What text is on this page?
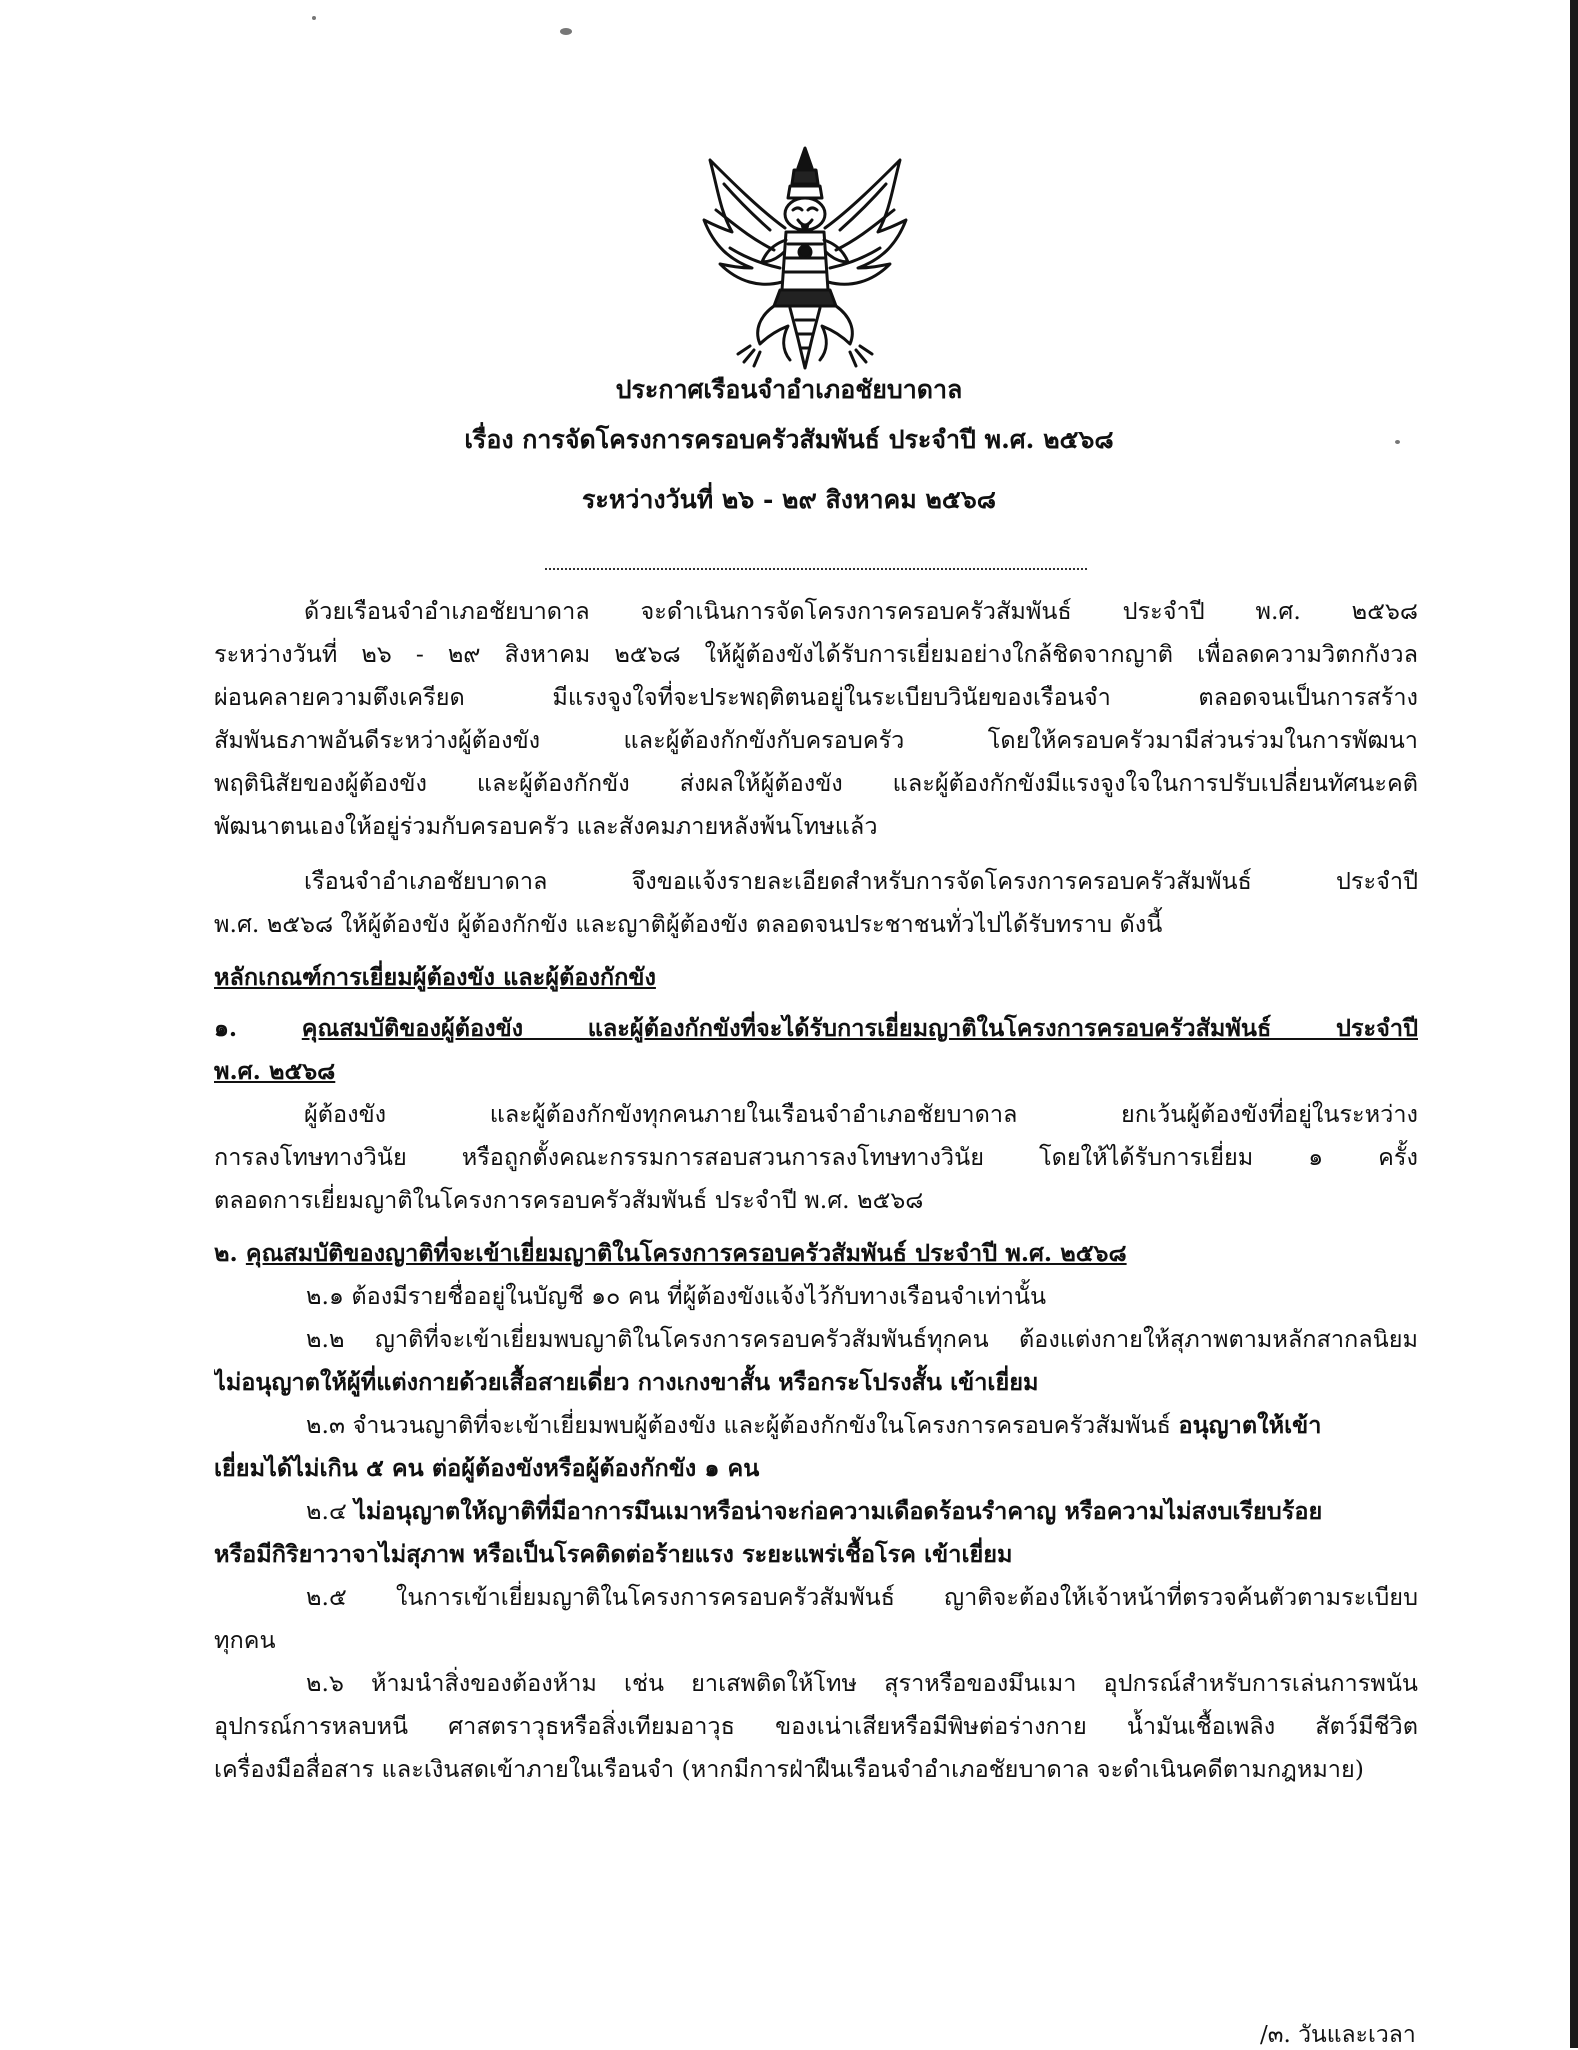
ประกาศเรือนจำอำเภอชัยบาดาล
เรื่อง การจัดโครงการครอบครัวสัมพันธ์ ประจำปี พ.ศ. ๒๕๖๘
ระหว่างวันที่ ๒๖ - ๒๙ สิงหาคม ๒๕๖๘
ด้วยเรือนจำอำเภอชัยบาดาล จะดำเนินการจัดโครงการครอบครัวสัมพันธ์ ประจำปี พ.ศ. ๒๕๖๘
ระหว่างวันที่ ๒๖ - ๒๙ สิงหาคม ๒๕๖๘ ให้ผู้ต้องขังได้รับการเยี่ยมอย่างใกล้ชิดจากญาติ เพื่อลดความวิตกกังวล
ผ่อนคลายความตึงเครียด มีแรงจูงใจที่จะประพฤติตนอยู่ในระเบียบวินัยของเรือนจำ ตลอดจนเป็นการสร้าง
สัมพันธภาพอันดีระหว่างผู้ต้องขัง และผู้ต้องกักขังกับครอบครัว โดยให้ครอบครัวมามีส่วนร่วมในการพัฒนา
พฤตินิสัยของผู้ต้องขัง และผู้ต้องกักขัง ส่งผลให้ผู้ต้องขัง และผู้ต้องกักขังมีแรงจูงใจในการปรับเปลี่ยนทัศนะคติ
พัฒนาตนเองให้อยู่ร่วมกับครอบครัว และสังคมภายหลังพ้นโทษแล้ว
เรือนจำอำเภอชัยบาดาล จึงขอแจ้งรายละเอียดสำหรับการจัดโครงการครอบครัวสัมพันธ์ ประจำปี
พ.ศ. ๒๕๖๘ ให้ผู้ต้องขัง ผู้ต้องกักขัง และญาติผู้ต้องขัง ตลอดจนประชาชนทั่วไปได้รับทราบ ดังนี้
หลักเกณฑ์การเยี่ยมผู้ต้องขัง และผู้ต้องกักขัง
๑.	คุณสมบัติของผู้ต้องขัง และผู้ต้องกักขังที่จะได้รับการเยี่ยมญาติในโครงการครอบครัวสัมพันธ์ ประจำปี
พ.ศ. ๒๕๖๘
ผู้ต้องขัง และผู้ต้องกักขังทุกคนภายในเรือนจำอำเภอชัยบาดาล ยกเว้นผู้ต้องขังที่อยู่ในระหว่าง
การลงโทษทางวินัย หรือถูกตั้งคณะกรรมการสอบสวนการลงโทษทางวินัย โดยให้ได้รับการเยี่ยม ๑ ครั้ง
ตลอดการเยี่ยมญาติในโครงการครอบครัวสัมพันธ์ ประจำปี พ.ศ. ๒๕๖๘
๒. คุณสมบัติของญาติที่จะเข้าเยี่ยมญาติในโครงการครอบครัวสัมพันธ์ ประจำปี พ.ศ. ๒๕๖๘
๒.๑ ต้องมีรายชื่ออยู่ในบัญชี ๑๐ คน ที่ผู้ต้องขังแจ้งไว้กับทางเรือนจำเท่านั้น
๒.๒ ญาติที่จะเข้าเยี่ยมพบญาติในโครงการครอบครัวสัมพันธ์ทุกคน ต้องแต่งกายให้สุภาพตามหลักสากลนิยม
ไม่อนุญาตให้ผู้ที่แต่งกายด้วยเสื้อสายเดี่ยว กางเกงขาสั้น หรือกระโปรงสั้น เข้าเยี่ยม
๒.๓ จำนวนญาติที่จะเข้าเยี่ยมพบผู้ต้องขัง และผู้ต้องกักขังในโครงการครอบครัวสัมพันธ์ อนุญาตให้เข้า
เยี่ยมได้ไม่เกิน ๕ คน ต่อผู้ต้องขังหรือผู้ต้องกักขัง ๑ คน
๒.๔ ไม่อนุญาตให้ญาติที่มีอาการมึนเมาหรือน่าจะก่อความเดือดร้อนรำคาญ หรือความไม่สงบเรียบร้อย
หรือมีกิริยาวาจาไม่สุภาพ หรือเป็นโรคติดต่อร้ายแรง ระยะแพร่เชื้อโรค เข้าเยี่ยม
๒.๕ ในการเข้าเยี่ยมญาติในโครงการครอบครัวสัมพันธ์ ญาติจะต้องให้เจ้าหน้าที่ตรวจค้นตัวตามระเบียบ
ทุกคน
๒.๖ ห้ามนำสิ่งของต้องห้าม เช่น ยาเสพติดให้โทษ สุราหรือของมึนเมา อุปกรณ์สำหรับการเล่นการพนัน
อุปกรณ์การหลบหนี ศาสตราวุธหรือสิ่งเทียมอาวุธ ของเน่าเสียหรือมีพิษต่อร่างกาย น้ำมันเชื้อเพลิง สัตว์มีชีวิต
เครื่องมือสื่อสาร และเงินสดเข้าภายในเรือนจำ (หากมีการฝ่าฝืนเรือนจำอำเภอชัยบาดาล จะดำเนินคดีตามกฎหมาย)
/๓. วันและเวลา
